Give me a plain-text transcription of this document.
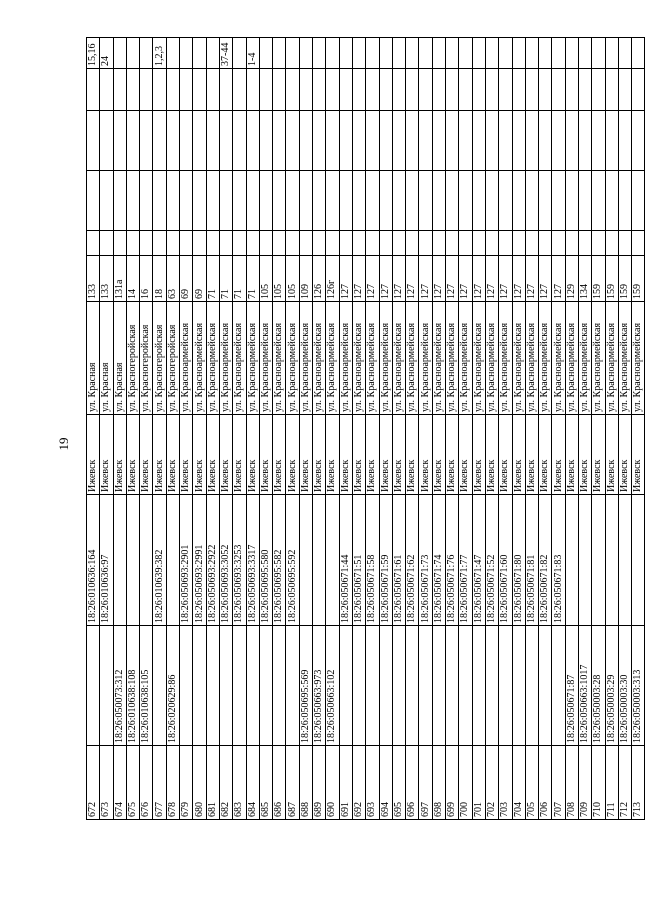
19
672		18:26:010636:164	Ижевск	ул. Красная	133					15,16
673		18:26:010636:97	Ижевск	ул. Красная	133					24
674	18:26:050073:312		Ижевск	ул. Красная	131а					
675	18:26:010638:108		Ижевск	ул. Красногеройская	14					
676	18:26:010638:105		Ижевск	ул. Красногеройская	16					
677		18:26:010639:382	Ижевск	ул. Красногеройская	18					1,2,3
678	18:26:020629:86		Ижевск	ул. Красногеройская	63					
679		18:26:050693:2901	Ижевск	ул. Красноармейская	69					
680		18:26:050693:2991	Ижевск	ул. Красноармейская	69					
681		18:26:050693:2922	Ижевск	ул. Красноармейская	71					
682		18:26:050693:3052	Ижевск	ул. Красноармейская	71					37-44
683		18:26:050693:3253	Ижевск	ул. Красноармейская	71					
684		18:26:050693:3317	Ижевск	ул. Красноармейская	71					1-4
685		18:26:050695:580	Ижевск	ул. Красноармейская	105					
686		18:26:050695:582	Ижевск	ул. Красноармейская	105					
687		18:26:050695:592	Ижевск	ул. Красноармейская	105					
688	18:26:050695:569		Ижевск	ул. Красноармейская	109					
689	18:26:050663:973		Ижевск	ул. Красноармейская	126					
690	18:26:050663:102		Ижевск	ул. Красноармейская	126г					
691		18:26:050671:44	Ижевск	ул. Красноармейская	127					
692		18:26:050671:51	Ижевск	ул. Красноармейская	127					
693		18:26:050671:58	Ижевск	ул. Красноармейская	127					
694		18:26:050671:59	Ижевск	ул. Красноармейская	127					
695		18:26:050671:61	Ижевск	ул. Красноармейская	127					
696		18:26:050671:62	Ижевск	ул. Красноармейская	127					
697		18:26:050671:73	Ижевск	ул. Красноармейская	127					
698		18:26:050671:74	Ижевск	ул. Красноармейская	127					
699		18:26:050671:76	Ижевск	ул. Красноармейская	127					
700		18:26:050671:77	Ижевск	ул. Красноармейская	127					
701		18:26:050671:47	Ижевск	ул. Красноармейская	127					
702		18:26:050671:52	Ижевск	ул. Красноармейская	127					
703		18:26:050671:60	Ижевск	ул. Красноармейская	127					
704		18:26:050671:80	Ижевск	ул. Красноармейская	127					
705		18:26:050671:81	Ижевск	ул. Красноармейская	127					
706		18:26:050671:82	Ижевск	ул. Красноармейская	127					
707		18:26:050671:83	Ижевск	ул. Красноармейская	127					
708	18:26:050671:87		Ижевск	ул. Красноармейская	129					
709	18:26:050663:1017		Ижевск	ул. Красноармейская	134					
710	18:26:050003:28		Ижевск	ул. Красноармейская	159					
711	18:26:050003:29		Ижевск	ул. Красноармейская	159					
712	18:26:050003:30		Ижевск	ул. Красноармейская	159					
713	18:26:050003:313		Ижевск	ул. Красноармейская	159					
